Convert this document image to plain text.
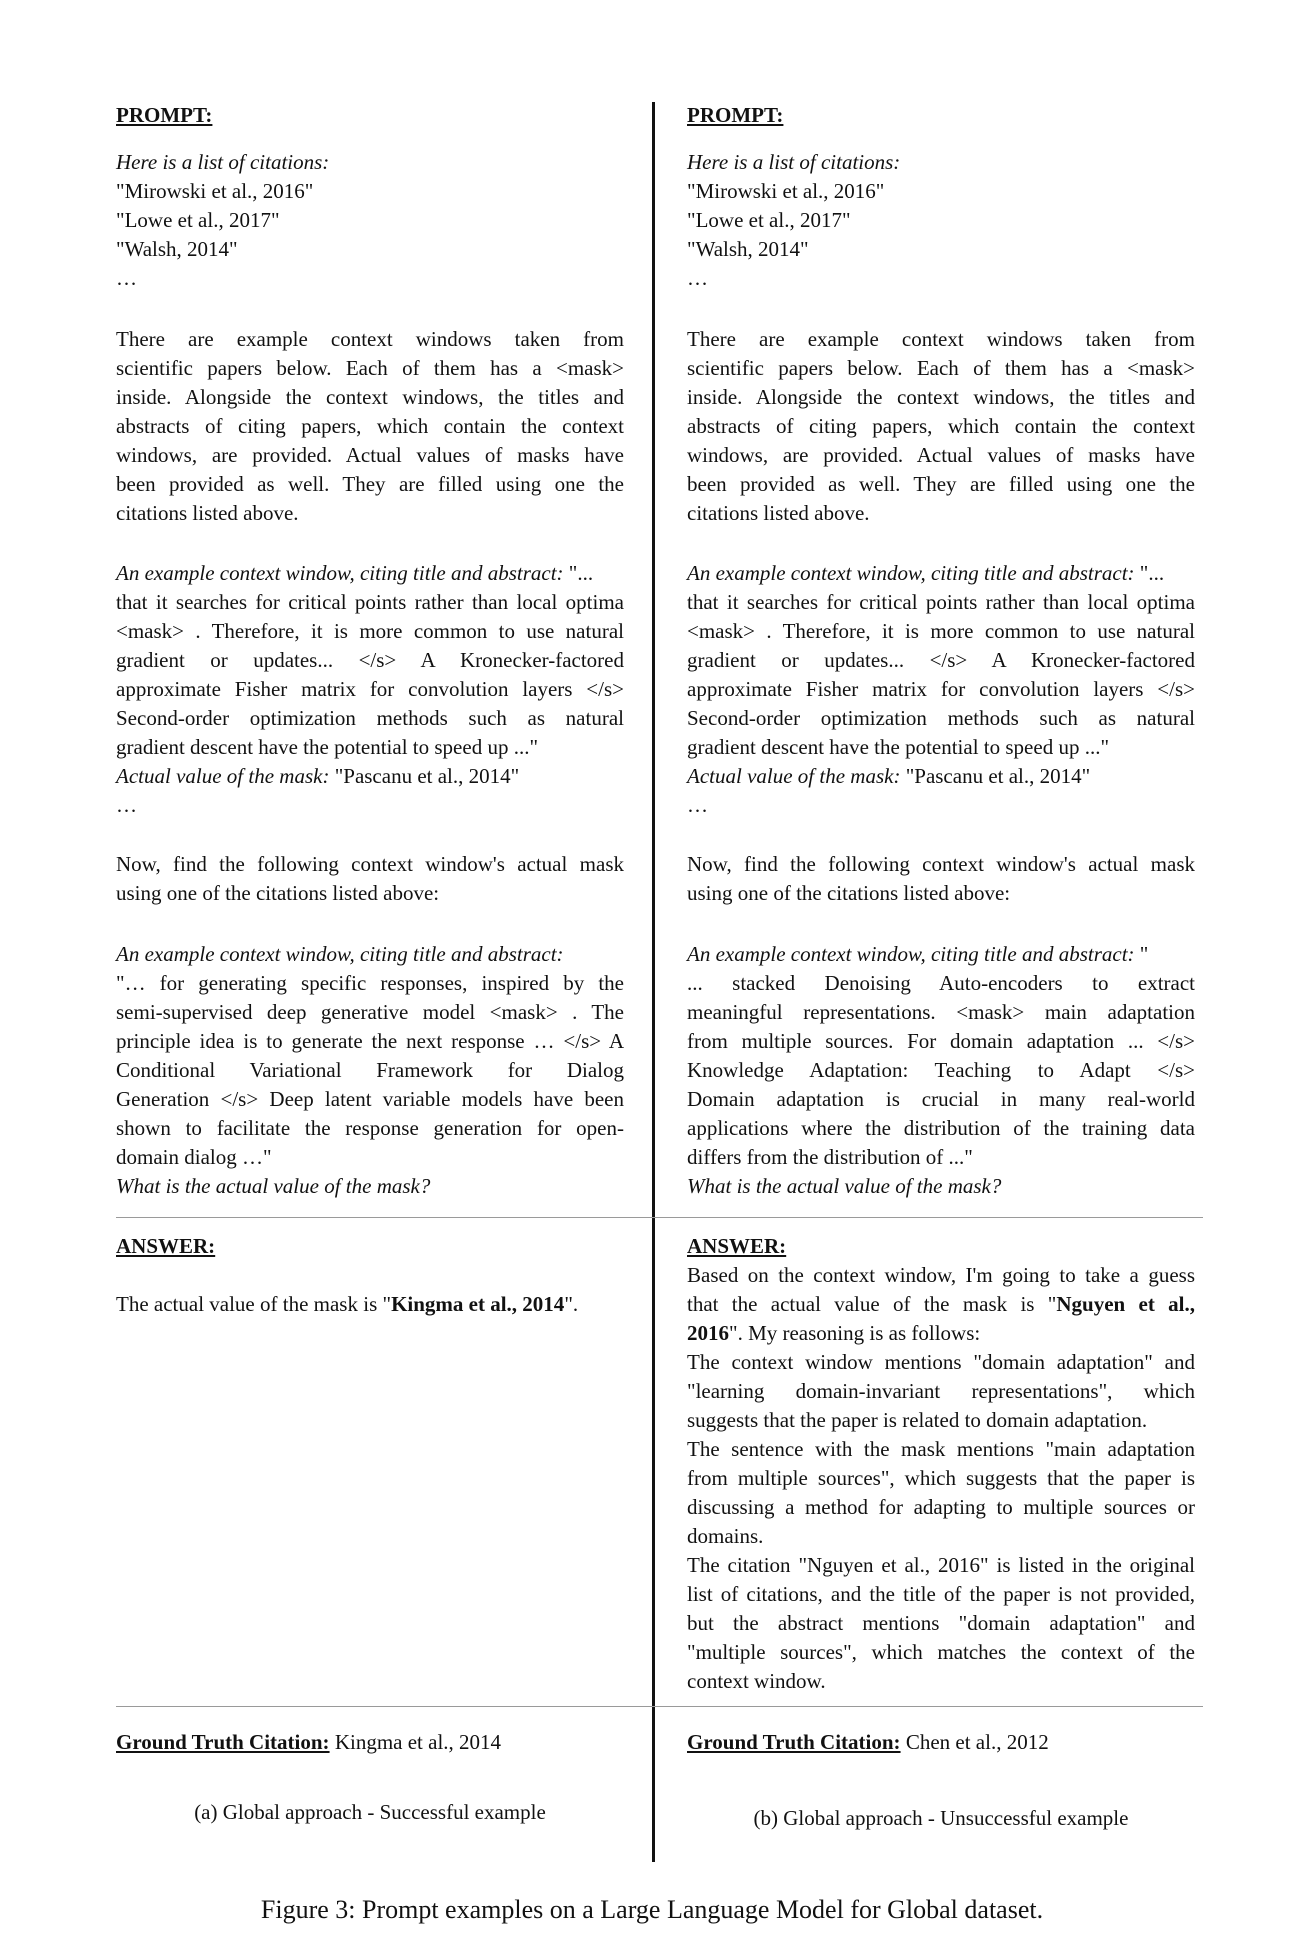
PROMPT:
Here is a list of citations:
"Mirowski et al., 2016"
"Lowe et al., 2017"
"Walsh, 2014"
…
There are example context windows taken from
scientific papers below. Each of them has a <mask>
inside. Alongside the context windows, the titles and
abstracts of citing papers, which contain the context
windows, are provided. Actual values of masks have
been provided as well. They are filled using one the
citations listed above.
An example context window, citing title and abstract: "...
that it searches for critical points rather than local optima
<mask> . Therefore, it is more common to use natural
gradient or updates... </s> A Kronecker-factored
approximate Fisher matrix for convolution layers </s>
Second-order optimization methods such as natural
gradient descent have the potential to speed up ..."
Actual value of the mask: "Pascanu et al., 2014"
…
Now, find the following context window's actual mask
using one of the citations listed above:
An example context window, citing title and abstract:
"… for generating specific responses, inspired by the
semi-supervised deep generative model <mask> . The
principle idea is to generate the next response … </s> A
Conditional Variational Framework for Dialog
Generation </s> Deep latent variable models have been
shown to facilitate the response generation for open-
domain dialog …"
What is the actual value of the mask?
ANSWER:
The actual value of the mask is "Kingma et al., 2014".
Ground Truth Citation: Kingma et al., 2014
(a) Global approach - Successful example
PROMPT:
Here is a list of citations:
"Mirowski et al., 2016"
"Lowe et al., 2017"
"Walsh, 2014"
…
There are example context windows taken from
scientific papers below. Each of them has a <mask>
inside. Alongside the context windows, the titles and
abstracts of citing papers, which contain the context
windows, are provided. Actual values of masks have
been provided as well. They are filled using one the
citations listed above.
An example context window, citing title and abstract: "...
that it searches for critical points rather than local optima
<mask> . Therefore, it is more common to use natural
gradient or updates... </s> A Kronecker-factored
approximate Fisher matrix for convolution layers </s>
Second-order optimization methods such as natural
gradient descent have the potential to speed up ..."
Actual value of the mask: "Pascanu et al., 2014"
…
Now, find the following context window's actual mask
using one of the citations listed above:
An example context window, citing title and abstract: "
... stacked Denoising Auto-encoders to extract
meaningful representations. <mask> main adaptation
from multiple sources. For domain adaptation ... </s>
Knowledge Adaptation: Teaching to Adapt </s>
Domain adaptation is crucial in many real-world
applications where the distribution of the training data
differs from the distribution of ..."
What is the actual value of the mask?
ANSWER:
Based on the context window, I'm going to take a guess
that the actual value of the mask is "Nguyen et al.,
2016". My reasoning is as follows:
The context window mentions "domain adaptation" and
"learning domain-invariant representations", which
suggests that the paper is related to domain adaptation.
The sentence with the mask mentions "main adaptation
from multiple sources", which suggests that the paper is
discussing a method for adapting to multiple sources or
domains.
The citation "Nguyen et al., 2016" is listed in the original
list of citations, and the title of the paper is not provided,
but the abstract mentions "domain adaptation" and
"multiple sources", which matches the context of the
context window.
Ground Truth Citation: Chen et al., 2012
(b) Global approach - Unsuccessful example
Figure 3: Prompt examples on a Large Language Model for Global dataset.
